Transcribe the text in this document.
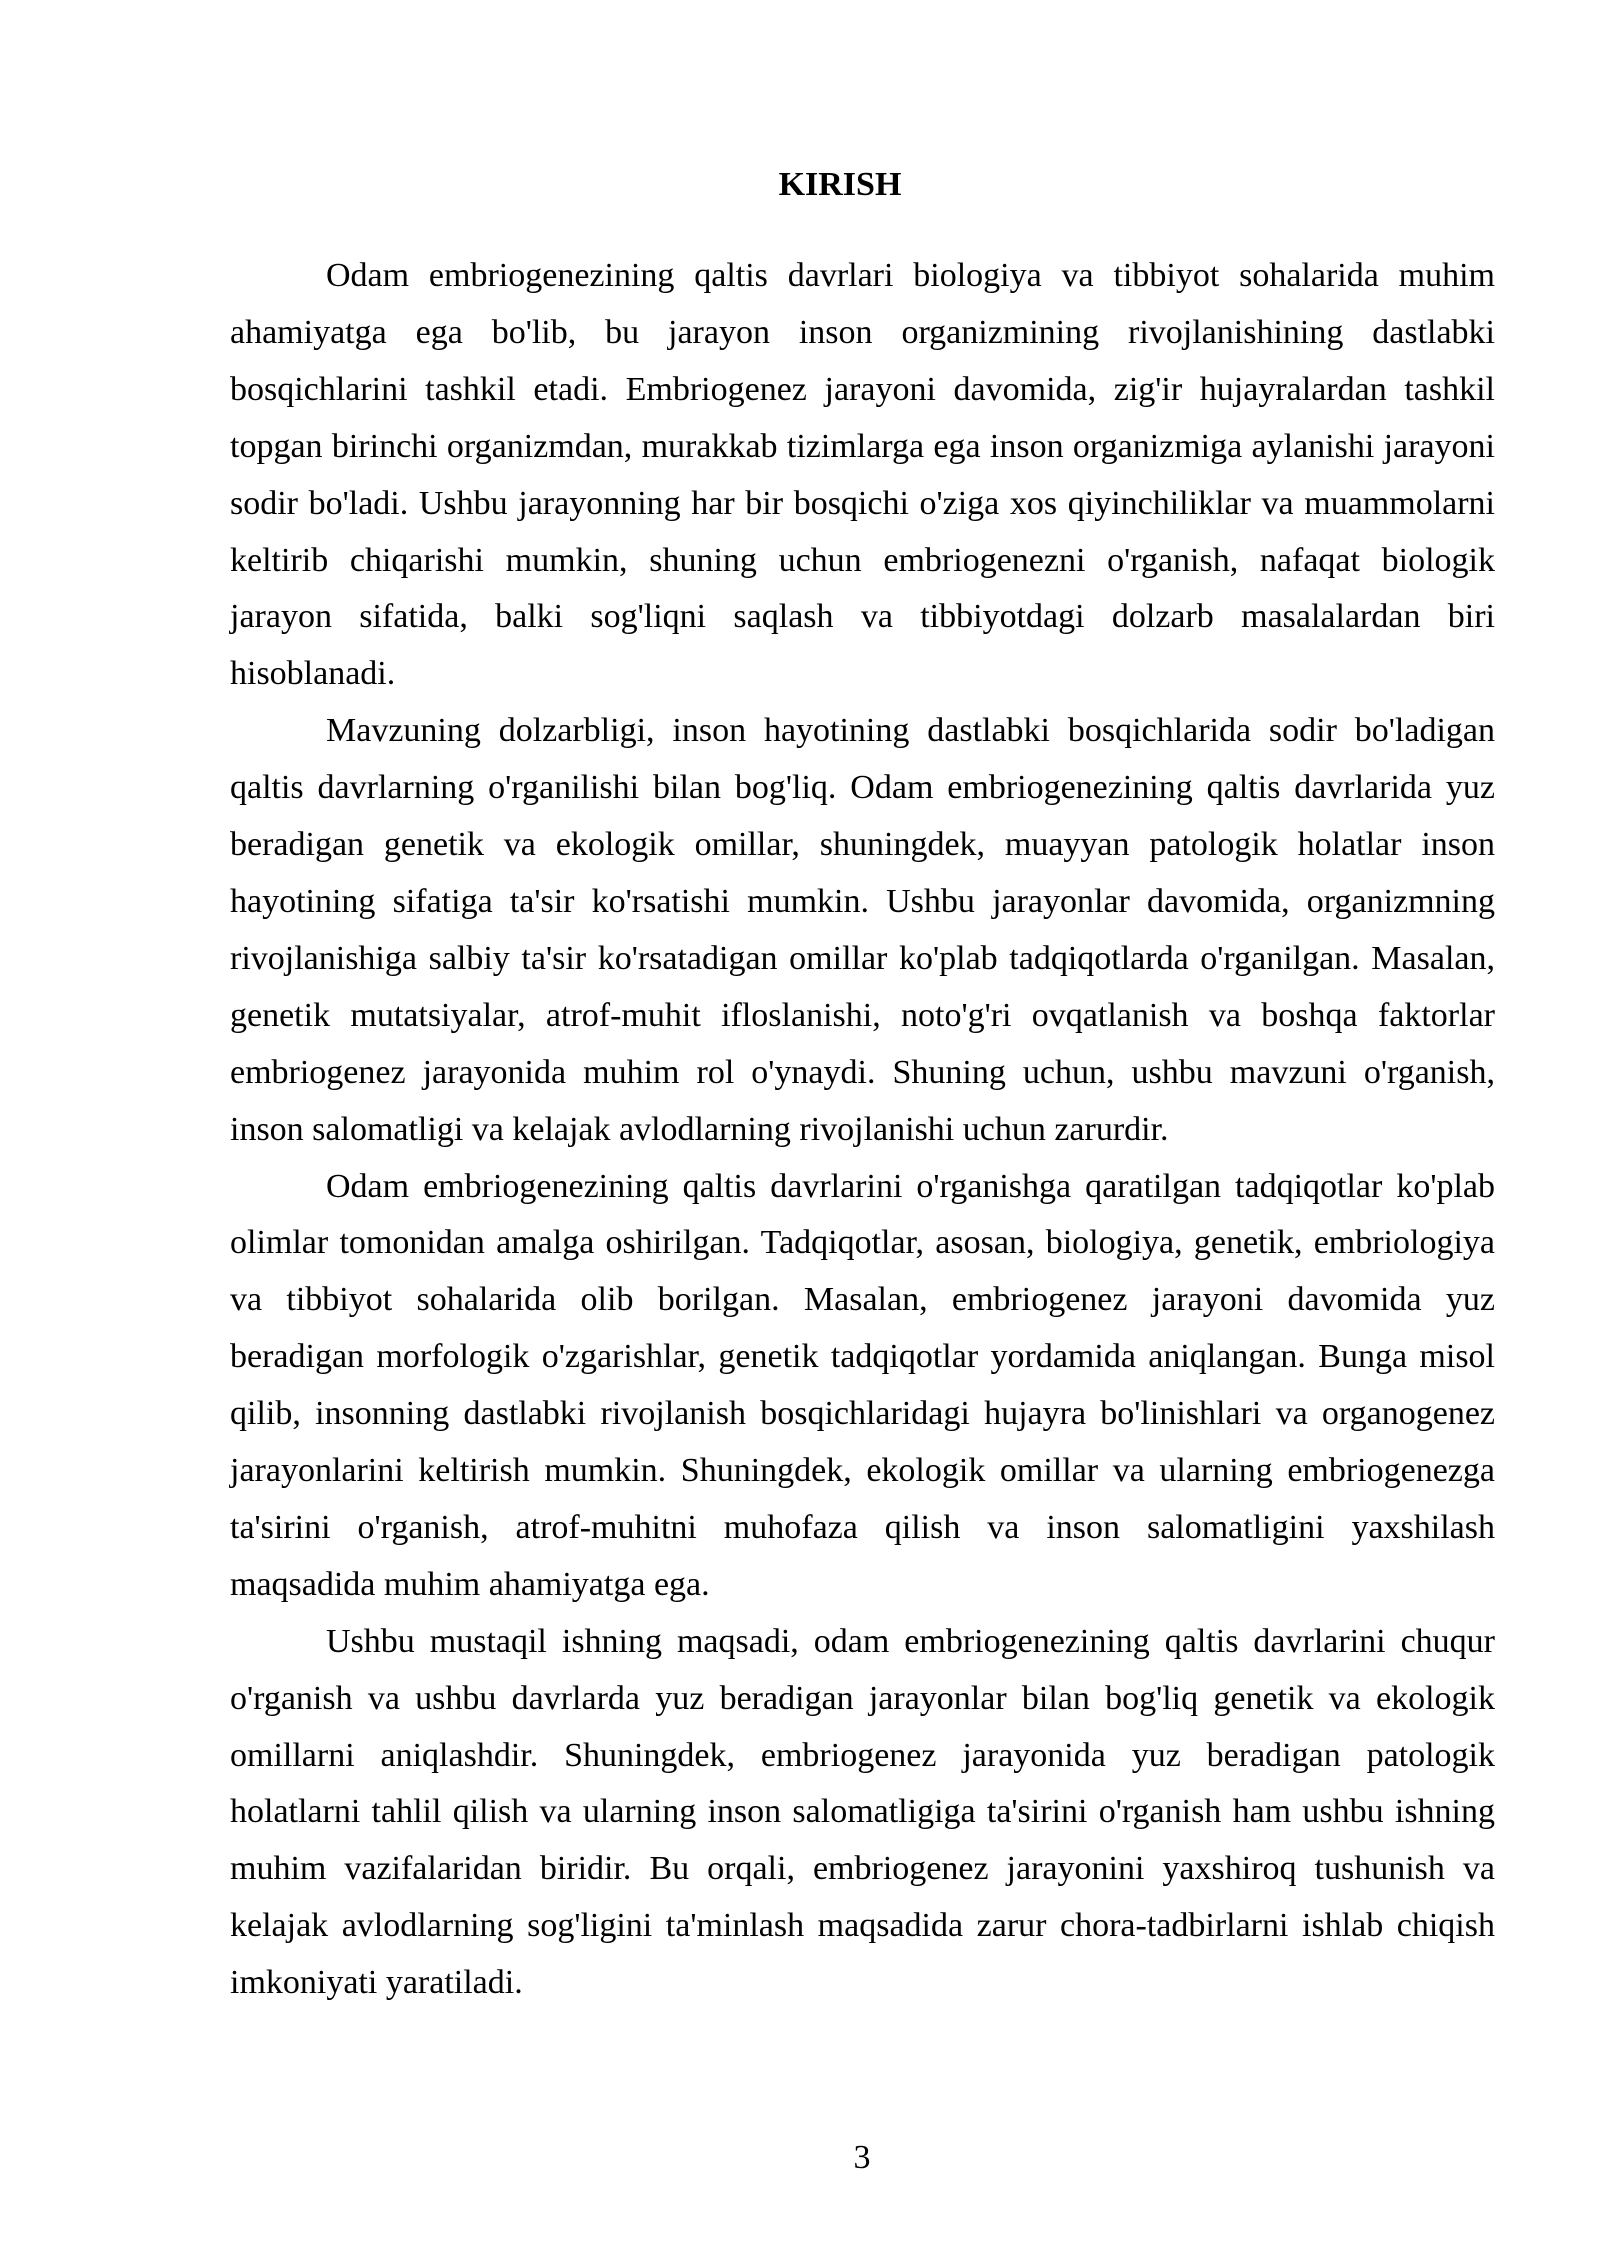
KIRISH

Odam embriogenezining qaltis davrlari biologiya va tibbiyot sohalarida muhim ahamiyatga ega bo'lib, bu jarayon inson organizmining rivojlanishining dastlabki bosqichlarini tashkil etadi. Embriogenez jarayoni davomida, zig'ir hujayralardan tashkil topgan birinchi organizmdan, murakkab tizimlarga ega inson organizmiga aylanishi jarayoni sodir bo'ladi. Ushbu jarayonning har bir bosqichi o'ziga xos qiyinchiliklar va muammolarni keltirib chiqarishi mumkin, shuning uchun embriogenezni o'rganish, nafaqat biologik jarayon sifatida, balki sog'liqni saqlash va tibbiyotdagi dolzarb masalalardan biri hisoblanadi.

Mavzuning dolzarbligi, inson hayotining dastlabki bosqichlarida sodir bo'ladigan qaltis davrlarning o'rganilishi bilan bog'liq. Odam embriogenezining qaltis davrlarida yuz beradigan genetik va ekologik omillar, shuningdek, muayyan patologik holatlar inson hayotining sifatiga ta'sir ko'rsatishi mumkin. Ushbu jarayonlar davomida, organizmning rivojlanishiga salbiy ta'sir ko'rsatadigan omillar ko'plab tadqiqotlarda o'rganilgan. Masalan, genetik mutatsiyalar, atrof-muhit ifloslanishi, noto'g'ri ovqatlanish va boshqa faktorlar embriogenez jarayonida muhim rol o'ynaydi. Shuning uchun, ushbu mavzuni o'rganish, inson salomatligi va kelajak avlodlarning rivojlanishi uchun zarurdir.

Odam embriogenezining qaltis davrlarini o'rganishga qaratilgan tadqiqotlar ko'plab olimlar tomonidan amalga oshirilgan. Tadqiqotlar, asosan, biologiya, genetik, embriologiya va tibbiyot sohalarida olib borilgan. Masalan, embriogenez jarayoni davomida yuz beradigan morfologik o'zgarishlar, genetik tadqiqotlar yordamida aniqlangan. Bunga misol qilib, insonning dastlabki rivojlanish bosqichlaridagi hujayra bo'linishlari va organogenez jarayonlarini keltirish mumkin. Shuningdek, ekologik omillar va ularning embriogenezga ta'sirini o'rganish, atrof-muhitni muhofaza qilish va inson salomatligini yaxshilash maqsadida muhim ahamiyatga ega.

Ushbu mustaqil ishning maqsadi, odam embriogenezining qaltis davrlarini chuqur o'rganish va ushbu davrlarda yuz beradigan jarayonlar bilan bog'liq genetik va ekologik omillarni aniqlashdir. Shuningdek, embriogenez jarayonida yuz beradigan patologik holatlarni tahlil qilish va ularning inson salomatligiga ta'sirini o'rganish ham ushbu ishning muhim vazifalaridan biridir. Bu orqali, embriogenez jarayonini yaxshiroq tushunish va kelajak avlodlarning sog'ligini ta'minlash maqsadida zarur chora-tadbirlarni ishlab chiqish imkoniyati yaratiladi.

3
